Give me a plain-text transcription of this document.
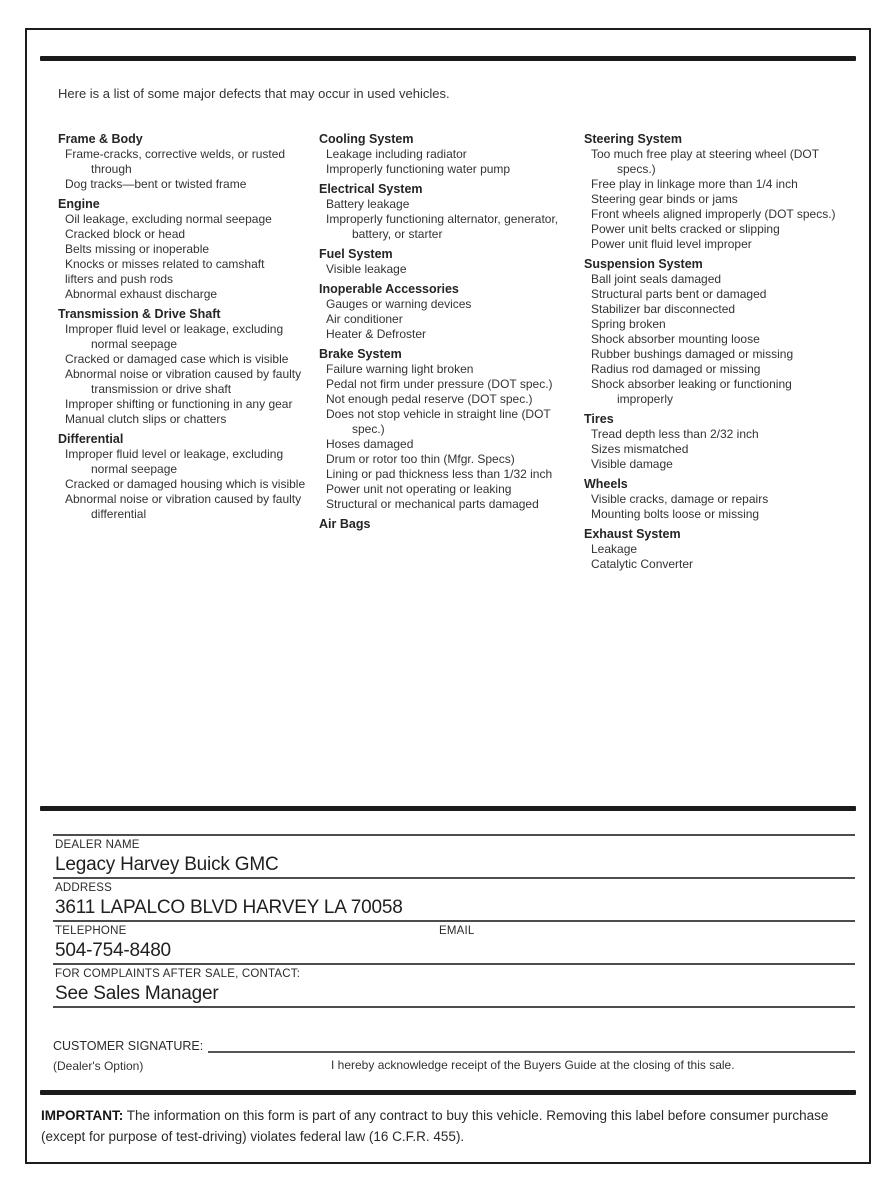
Here is a list of some major defects that may occur in used vehicles.

Frame & Body
Frame-cracks, corrective welds, or rusted through
Dog tracks—bent or twisted frame
Engine
Oil leakage, excluding normal seepage
Cracked block or head
Belts missing or inoperable
Knocks or misses related to camshaft
lifters and push rods
Abnormal exhaust discharge
Transmission & Drive Shaft
Improper fluid level or leakage, excluding normal seepage
Cracked or damaged case which is visible
Abnormal noise or vibration caused by faulty transmission or drive shaft
Improper shifting or functioning in any gear
Manual clutch slips or chatters
Differential
Improper fluid level or leakage, excluding normal seepage
Cracked or damaged housing which is visible
Abnormal noise or vibration caused by faulty differential
Cooling System
Leakage including radiator
Improperly functioning water pump
Electrical System
Battery leakage
Improperly functioning alternator, generator, battery, or starter
Fuel System
Visible leakage
Inoperable Accessories
Gauges or warning devices
Air conditioner
Heater & Defroster
Brake System
Failure warning light broken
Pedal not firm under pressure (DOT spec.)
Not enough pedal reserve (DOT spec.)
Does not stop vehicle in straight line (DOT spec.)
Hoses damaged
Drum or rotor too thin (Mfgr. Specs)
Lining or pad thickness less than 1/32 inch
Power unit not operating or leaking
Structural or mechanical parts damaged
Air Bags
Steering System
Too much free play at steering wheel (DOT specs.)
Free play in linkage more than 1/4 inch
Steering gear binds or jams
Front wheels aligned improperly (DOT specs.)
Power unit belts cracked or slipping
Power unit fluid level improper
Suspension System
Ball joint seals damaged
Structural parts bent or damaged
Stabilizer bar disconnected
Spring broken
Shock absorber mounting loose
Rubber bushings damaged or missing
Radius rod damaged or missing
Shock absorber leaking or functioning improperly
Tires
Tread depth less than 2/32 inch
Sizes mismatched
Visible damage
Wheels
Visible cracks, damage or repairs
Mounting bolts loose or missing
Exhaust System
Leakage
Catalytic Converter
DEALER NAME
Legacy Harvey Buick GMC
ADDRESS
3611 LAPALCO BLVD HARVEY LA 70058
TELEPHONE
504-754-8480
EMAIL
FOR COMPLAINTS AFTER SALE, CONTACT:
See Sales Manager
CUSTOMER SIGNATURE:
(Dealer's Option)	I hereby acknowledge receipt of the Buyers Guide at the closing of this sale.

IMPORTANT: The information on this form is part of any contract to buy this vehicle. Removing this label before consumer purchase (except for purpose of test-driving) violates federal law (16 C.F.R. 455).
